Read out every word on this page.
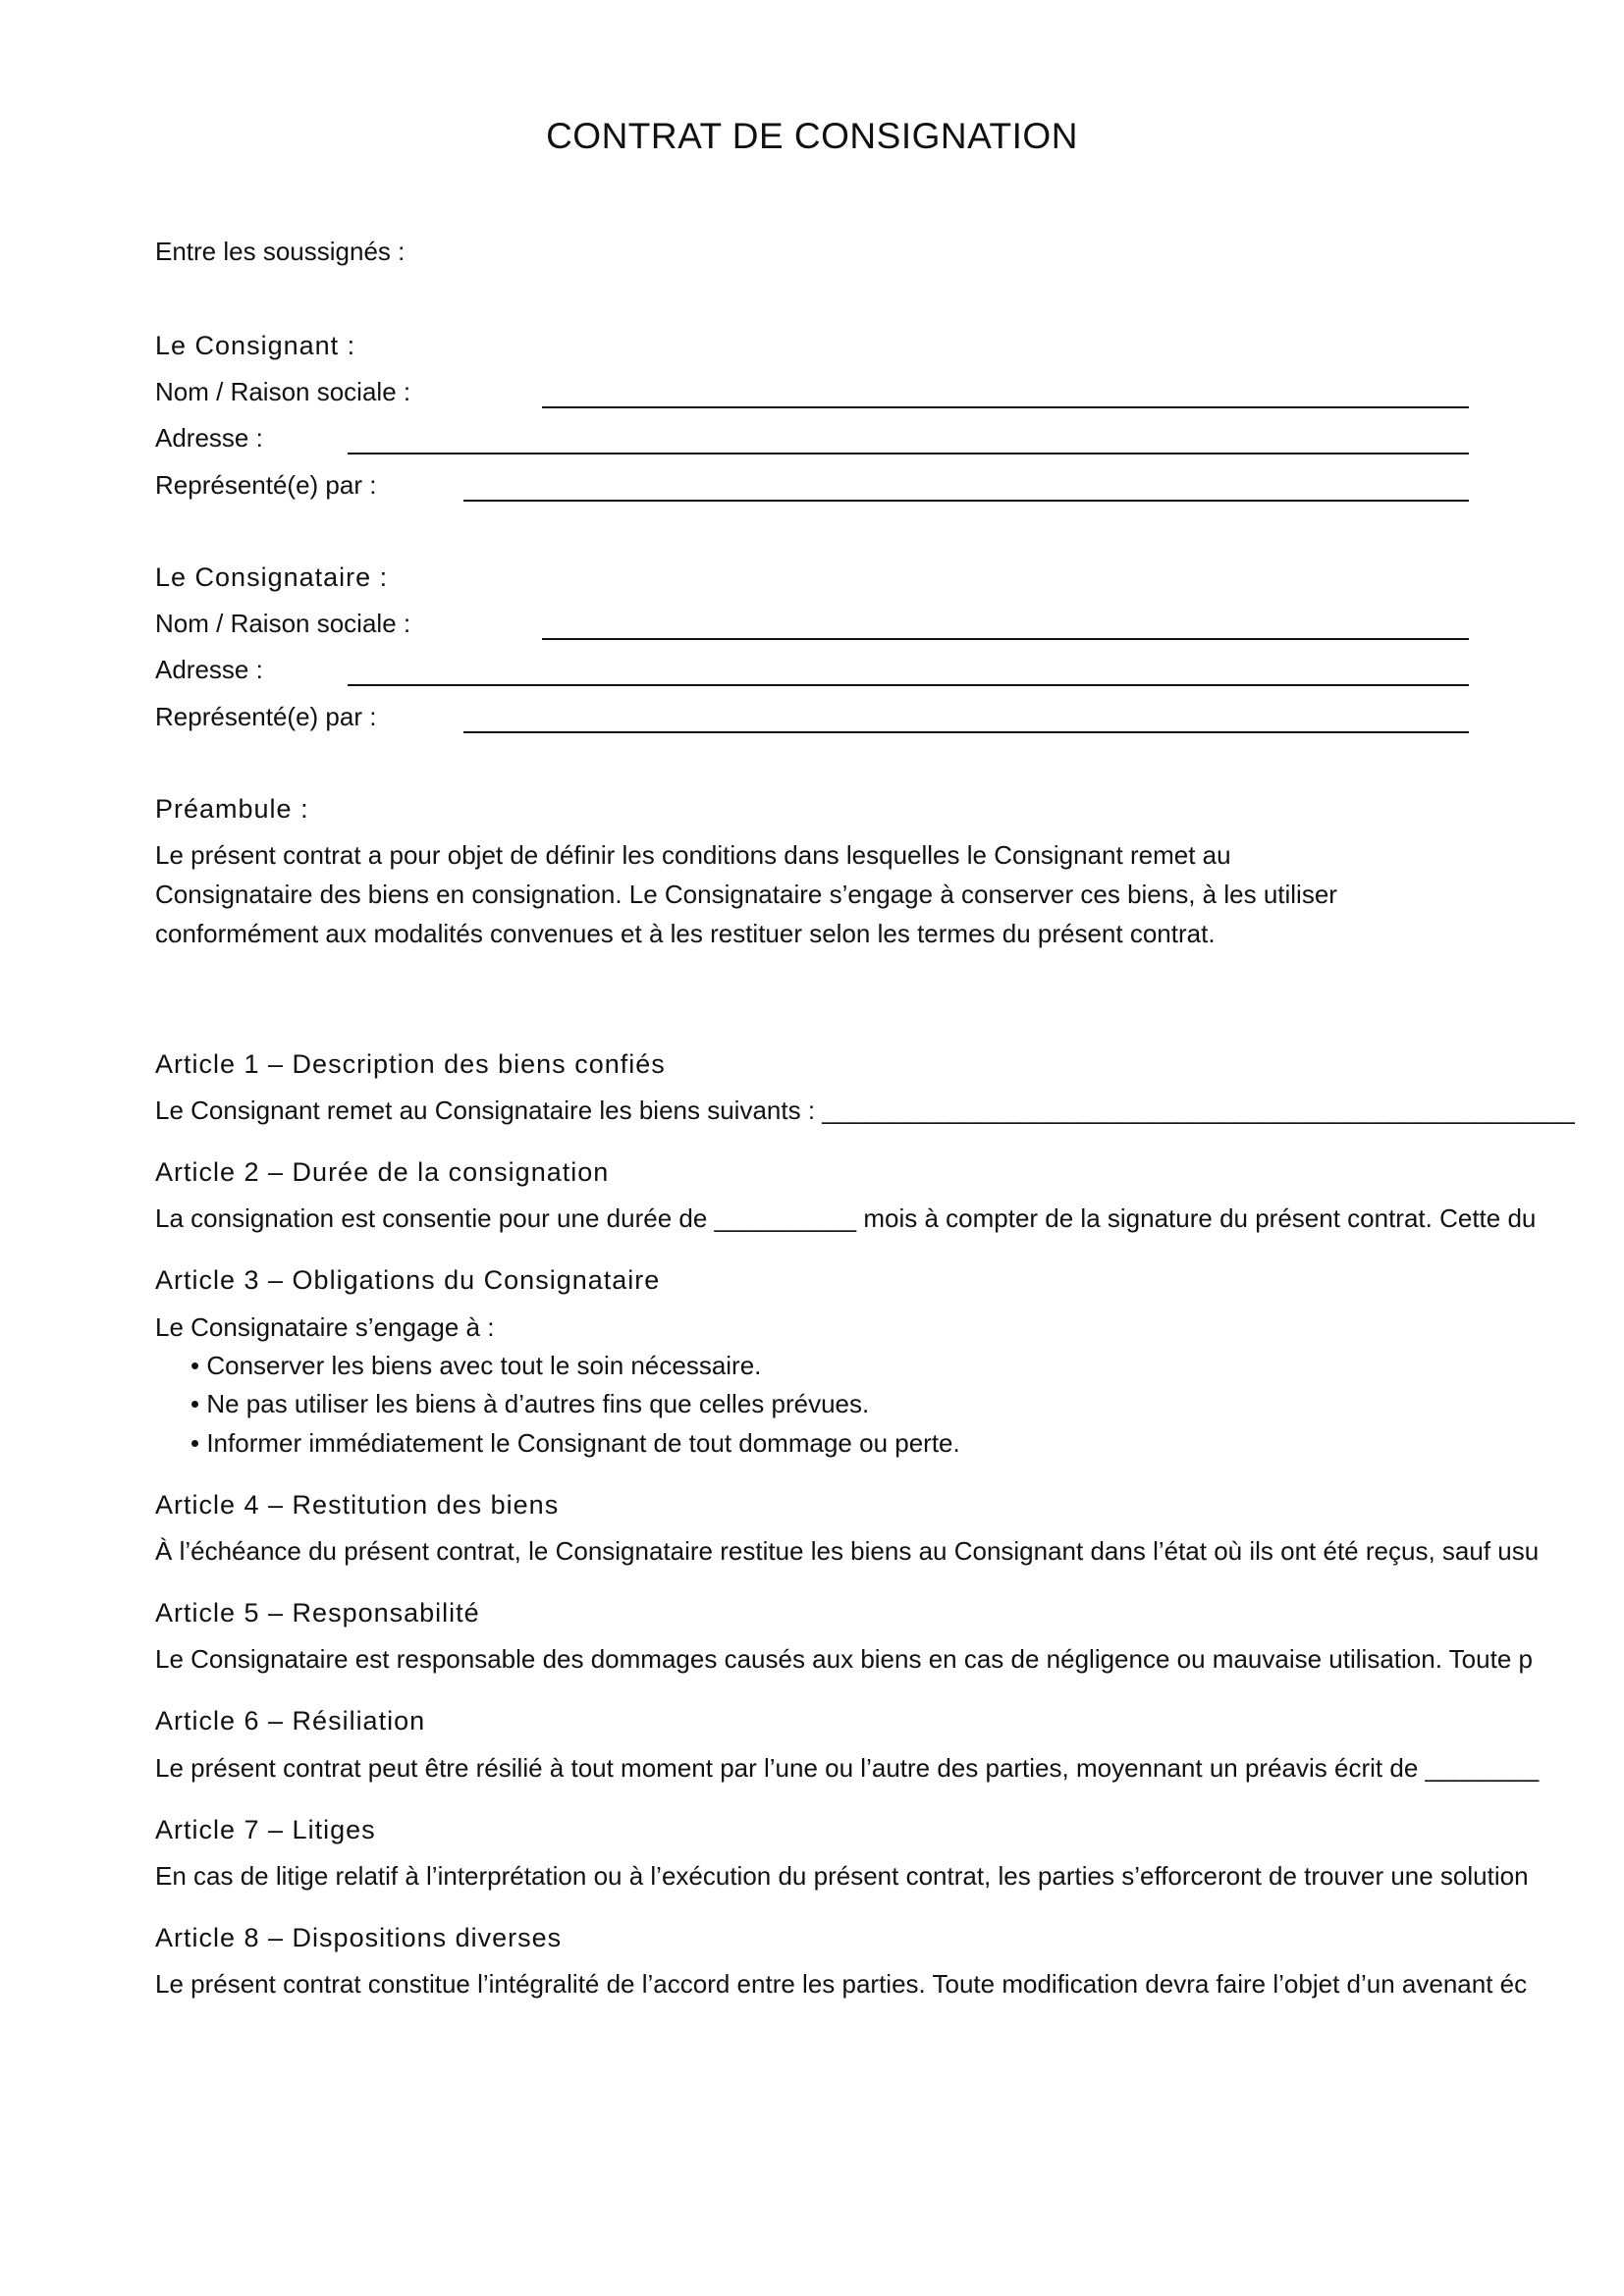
CONTRAT DE CONSIGNATION
Entre les soussignés :
Le Consignant :
Nom / Raison sociale :
Adresse :
Représenté(e) par :
Le Consignataire :
Nom / Raison sociale :
Adresse :
Représenté(e) par :
Préambule :
Le présent contrat a pour objet de définir les conditions dans lesquelles le Consignant remet au
Consignataire des biens en consignation. Le Consignataire s’engage à conserver ces biens, à les utiliser
conformément aux modalités convenues et à les restituer selon les termes du présent contrat.
Article 1 – Description des biens confiés
Le Consignant remet au Consignataire les biens suivants : _____________________________________________________
Article 2 – Durée de la consignation
La consignation est consentie pour une durée de __________ mois à compter de la signature du présent contrat. Cette du
Article 3 – Obligations du Consignataire
Le Consignataire s’engage à :
• Conserver les biens avec tout le soin nécessaire.
• Ne pas utiliser les biens à d’autres fins que celles prévues.
• Informer immédiatement le Consignant de tout dommage ou perte.
Article 4 – Restitution des biens
À l’échéance du présent contrat, le Consignataire restitue les biens au Consignant dans l’état où ils ont été reçus, sauf usu
Article 5 – Responsabilité
Le Consignataire est responsable des dommages causés aux biens en cas de négligence ou mauvaise utilisation. Toute p
Article 6 – Résiliation
Le présent contrat peut être résilié à tout moment par l’une ou l’autre des parties, moyennant un préavis écrit de ________
Article 7 – Litiges
En cas de litige relatif à l’interprétation ou à l’exécution du présent contrat, les parties s’efforceront de trouver une solution
Article 8 – Dispositions diverses
Le présent contrat constitue l’intégralité de l’accord entre les parties. Toute modification devra faire l’objet d’un avenant éc
